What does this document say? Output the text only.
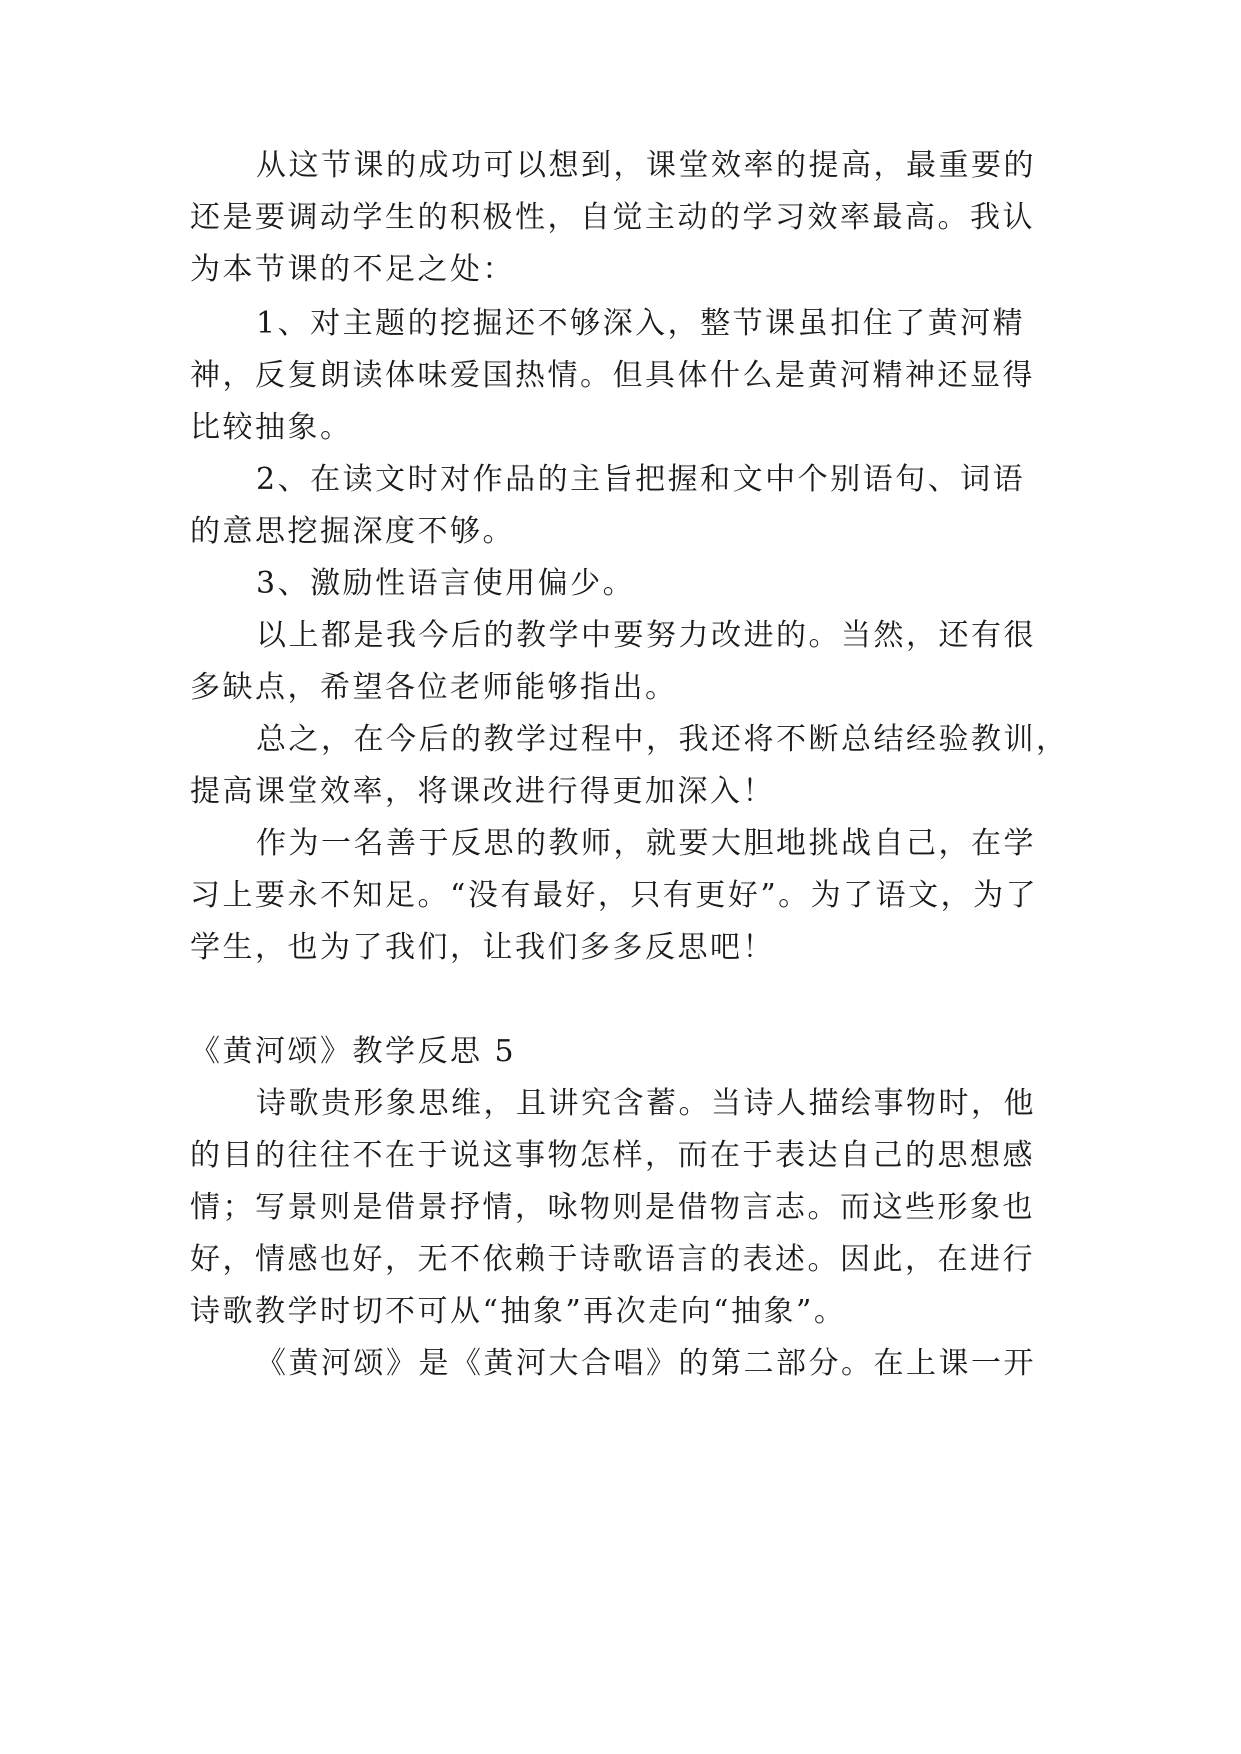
从这节课的成功可以想到，课堂效率的提高，最重要的
还是要调动学生的积极性，自觉主动的学习效率最高。我认
为本节课的不足之处：
1、对主题的挖掘还不够深入，整节课虽扣住了黄河精
神，反复朗读体味爱国热情。但具体什么是黄河精神还显得
比较抽象。
2、在读文时对作品的主旨把握和文中个别语句、词语
的意思挖掘深度不够。
3、激励性语言使用偏少。
以上都是我今后的教学中要努力改进的。当然，还有很
多缺点，希望各位老师能够指出。
总之，在今后的教学过程中，我还将不断总结经验教训，
提高课堂效率，将课改进行得更加深入！
作为一名善于反思的教师，就要大胆地挑战自己，在学
习上要永不知足。“没有最好，只有更好”。为了语文，为了
学生，也为了我们，让我们多多反思吧！
《黄河颂》教学反思 5
诗歌贵形象思维，且讲究含蓄。当诗人描绘事物时，他
的目的往往不在于说这事物怎样，而在于表达自己的思想感
情；写景则是借景抒情，咏物则是借物言志。而这些形象也
好，情感也好，无不依赖于诗歌语言的表述。因此，在进行
诗歌教学时切不可从“抽象”再次走向“抽象”。
《黄河颂》是《黄河大合唱》的第二部分。在上课一开
